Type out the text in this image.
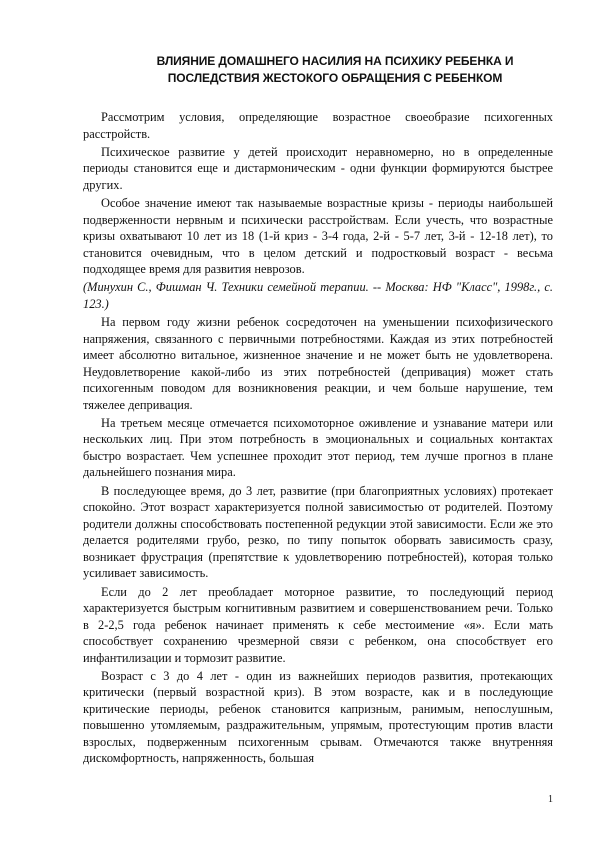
ВЛИЯНИЕ ДОМАШНЕГО НАСИЛИЯ НА ПСИХИКУ РЕБЕНКА И
ПОСЛЕДСТВИЯ ЖЕСТОКОГО ОБРАЩЕНИЯ С РЕБЕНКОМ

Рассмотрим условия, определяющие возрастное своеобразие психогенных расстройств.

Психическое развитие у детей происходит неравномерно, но в определенные периоды становится еще и дистармоническим - одни функции формируются быстрее других.

Особое значение имеют так называемые возрастные кризы - периоды наибольшей подверженности нервным и психически расстройствам. Если учесть, что возрастные кризы охватывают 10 лет из 18 (1-й криз - 3-4 года, 2-й - 5-7 лет, 3-й - 12-18 лет), то становится очевидным, что в целом детский и подростковый возраст - весьма подходящее время для развития неврозов.

(Минухин С., Фишман Ч. Техники семейной терапии. -- Москва: НФ "Класс", 1998г., с. 123.)

На первом году жизни ребенок сосредоточен на уменьшении психофизического напряжения, связанного с первичными потребностями. Каждая из этих потребностей имеет абсолютно витальное, жизненное значение и не может быть не удовлетворена. Неудовлетворение какой-либо из этих потребностей (депривация) может стать психогенным поводом для возникновения реакции, и чем больше нарушение, тем тяжелее депривация.

На третьем месяце отмечается психомоторное оживление и узнавание матери или нескольких лиц. При этом потребность в эмоциональных и социальных контактах быстро возрастает. Чем успешнее проходит этот период, тем лучше прогноз в плане дальнейшего познания мира.

В последующее время, до 3 лет, развитие (при благоприятных условиях) протекает спокойно. Этот возраст характеризуется полной зависимостью от родителей. Поэтому родители должны способствовать постепенной редукции этой зависимости. Если же это делается родителями грубо, резко, по типу попыток оборвать зависимость сразу, возникает фрустрация (препятствие к удовлетворению потребностей), которая только усиливает зависимость.

Если до 2 лет преобладает моторное развитие, то последующий период характеризуется быстрым когнитивным развитием и совершенствованием речи. Только в 2-2,5 года ребенок начинает применять к себе местоимение «я». Если мать способствует сохранению чрезмерной связи с ребенком, она способствует его инфантилизации и тормозит развитие.

Возраст с 3 до 4 лет - один из важнейших периодов развития, протекающих критически (первый возрастной криз). В этом возрасте, как и в последующие критические периоды, ребенок становится капризным, ранимым, непослушным, повышенно утомляемым, раздражительным, упрямым, протестующим против власти взрослых, подверженным психогенным срывам. Отмечаются также внутренняя дискомфортность, напряженность, большая

1
